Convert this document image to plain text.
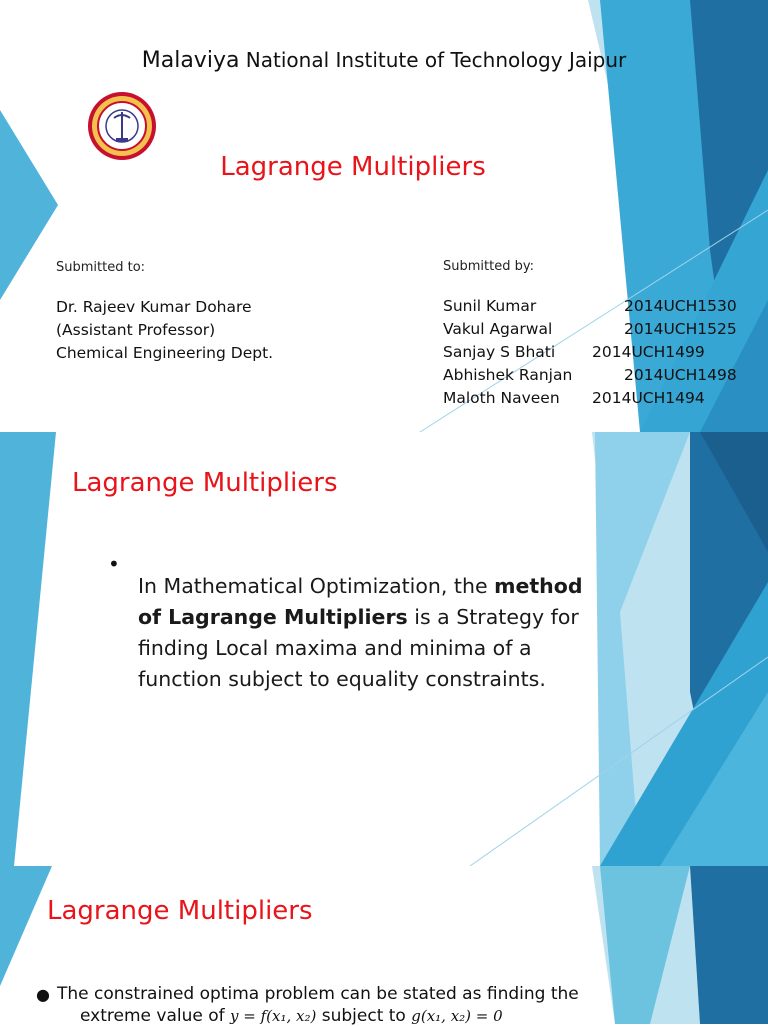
Malaviya National Institute of Technology Jaipur

Lagrange Multipliers

Submitted to:	Submitted by:

Dr. Rajeev Kumar Dohare
(Assistant Professor)
Chemical Engineering Dept.
Sunil Kumar	2014UCH1530
Vakul Agarwal	2014UCH1525
Sanjay S Bhati 2014UCH1499
Abhishek Ranjan	2014UCH1498
Maloth Naveen 2014UCH1494

Lagrange Multipliers

•

In Mathematical Optimization, the method of Lagrange Multipliers is a Strategy for finding Local maxima and minima of a function subject to equality constraints.

Lagrange Multipliers

● The constrained optima problem can be stated as finding the
extreme value of y = f(x₁, x₂) subject to g(x₁, x₂) = 0
